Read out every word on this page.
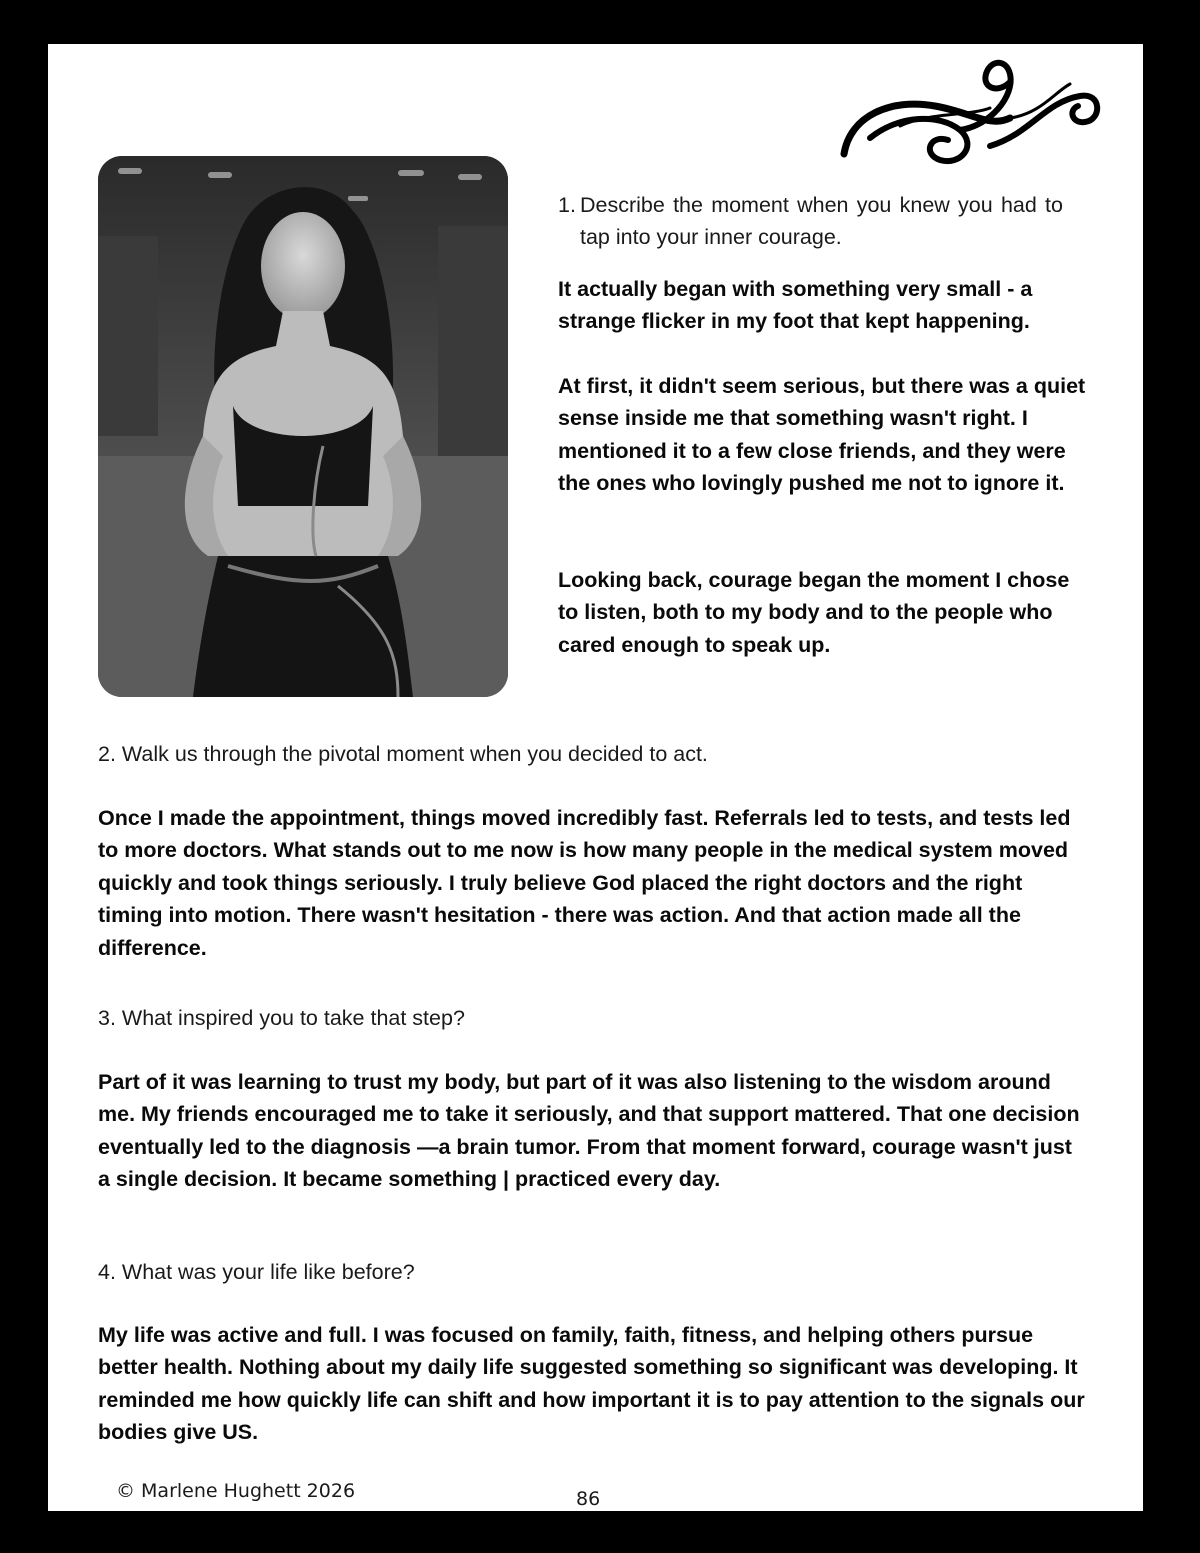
1. Describe the moment when you knew you had to tap into your inner courage.

It actually began with something very small - a strange flicker in my foot that kept happening.

At first, it didn't seem serious, but there was a quiet sense inside me that something wasn't right. I mentioned it to a few close friends, and they were the ones who lovingly pushed me not to ignore it.

Looking back, courage began the moment I chose to listen, both to my body and to the people who cared enough to speak up.

2. Walk us through the pivotal moment when you decided to act.

Once I made the appointment, things moved incredibly fast. Referrals led to tests, and tests led to more doctors. What stands out to me now is how many people in the medical system moved quickly and took things seriously. I truly believe God placed the right doctors and the right timing into motion. There wasn't hesitation - there was action. And that action made all the difference.

3. What inspired you to take that step?

Part of it was learning to trust my body, but part of it was also listening to the wisdom around me. My friends encouraged me to take it seriously, and that support mattered. That one decision eventually led to the diagnosis —a brain tumor. From that moment forward, courage wasn't just a single decision. It became something | practiced every day.

4. What was your life like before?

My life was active and full. I was focused on family, faith, fitness, and helping others pursue better health. Nothing about my daily life suggested something so significant was developing. It reminded me how quickly life can shift and how important it is to pay attention to the signals our bodies give US.

© Marlene Hughett 2026	86
